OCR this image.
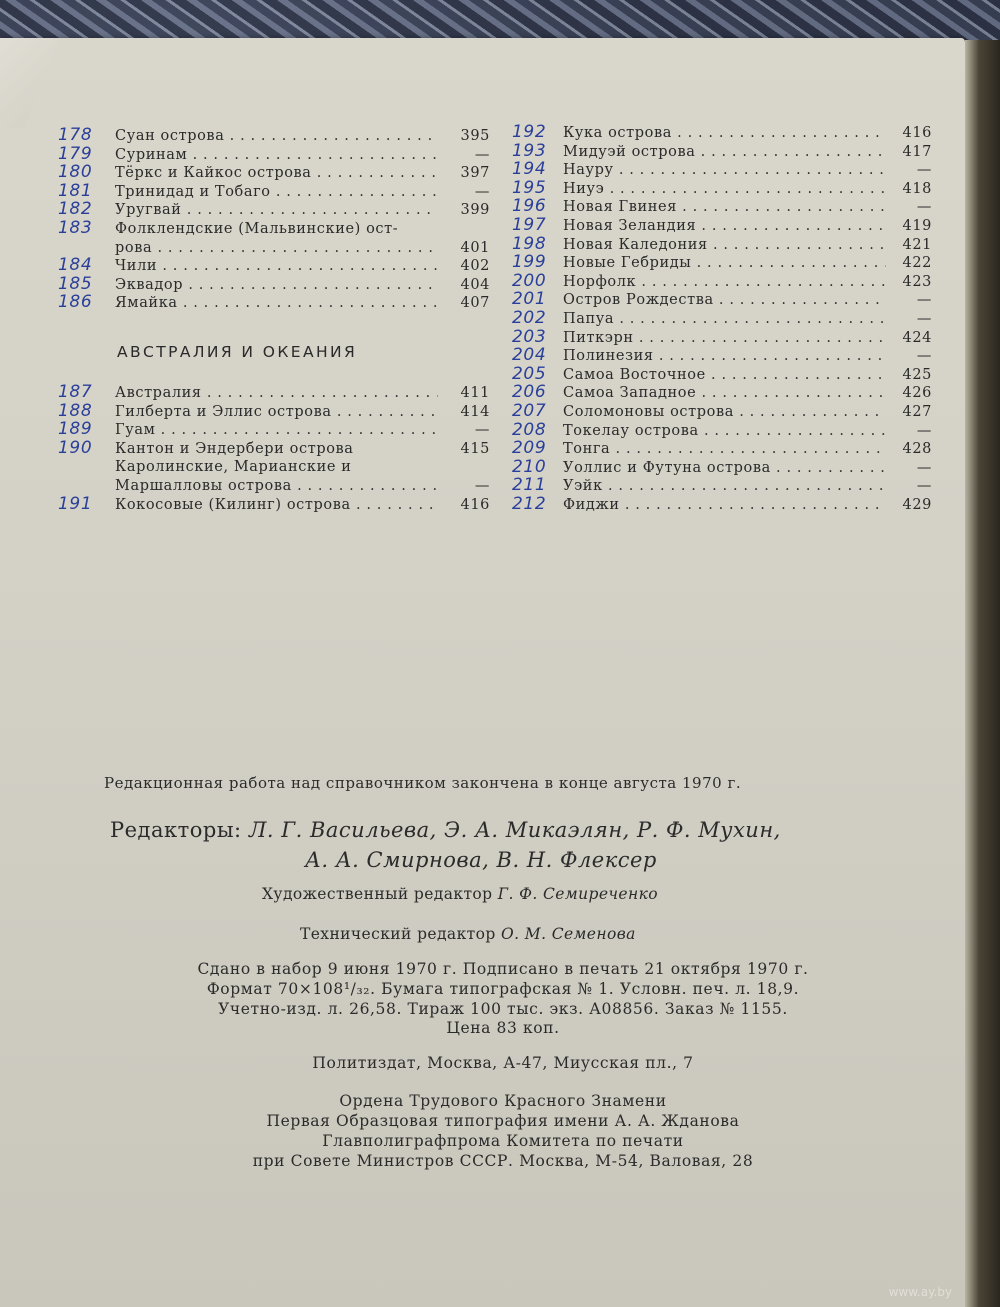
178	Суан острова . . .	395
179	Суринам . . .	—
180	Тёркс и Кайкос острова . . .	397
181	Тринидад и Тобаго . . .	—
182	Уругвай . . .	399
183	Фолклендские (Мальвинские) ост-
рова . . .	401
184	Чили . . .	402
185	Эквадор . . .	404
186	Ямайка . . .	407
АВСТРАЛИЯ И ОКЕАНИЯ
187	Австралия . . .	411
188	Гилберта и Эллис острова . . .	414
189	Гуам . . .	—
190	Кантон и Эндербери острова	415
Каролинские, Марианские и
Маршалловы острова . . .	—
191	Кокосовые (Килинг) острова . . .	416
192	Кука острова . . .	416
193	Мидуэй острова . . .	417
194	Науру . . .	—
195	Ниуэ . . .	418
196	Новая Гвинея . . .	—
197	Новая Зеландия . . .	419
198	Новая Каледония . . .	421
199	Новые Гебриды . . .	422
200	Норфолк . . .	423
201	Остров Рождества . . .	—
202	Папуа . . .	—
203	Питкэрн . . .	424
204	Полинезия . . .	—
205	Самоа Восточное . . .	425
206	Самоа Западное . . .	426
207	Соломоновы острова . . .	427
208	Токелау острова . . .	—
209	Тонга . . .	428
210	Уоллис и Футуна острова . . .	—
211	Уэйк . . .	—
212	Фиджи . . .	429
Редакционная работа над справочником закончена в конце августа 1970 г.
Редакторы: Л. Г. Васильева, Э. А. Микаэлян, Р. Ф. Мухин,
А. А. Смирнова, В. Н. Флексер
Художественный редактор Г. Ф. Семиреченко
Технический редактор О. М. Семенова
Сдано в набор 9 июня 1970 г. Подписано в печать 21 октября 1970 г.
Формат 70×108¹/₃₂. Бумага типографская № 1. Условн. печ. л. 18,9.
Учетно-изд. л. 26,58. Тираж 100 тыс. экз. А08856. Заказ № 1155.
Цена 83 коп.
Политиздат, Москва, А-47, Миусская пл., 7
Ордена Трудового Красного Знамени
Первая Образцовая типография имени А. А. Жданова
Главполиграфпрома Комитета по печати
при Совете Министров СССР. Москва, М-54, Валовая, 28
www.ay.by
